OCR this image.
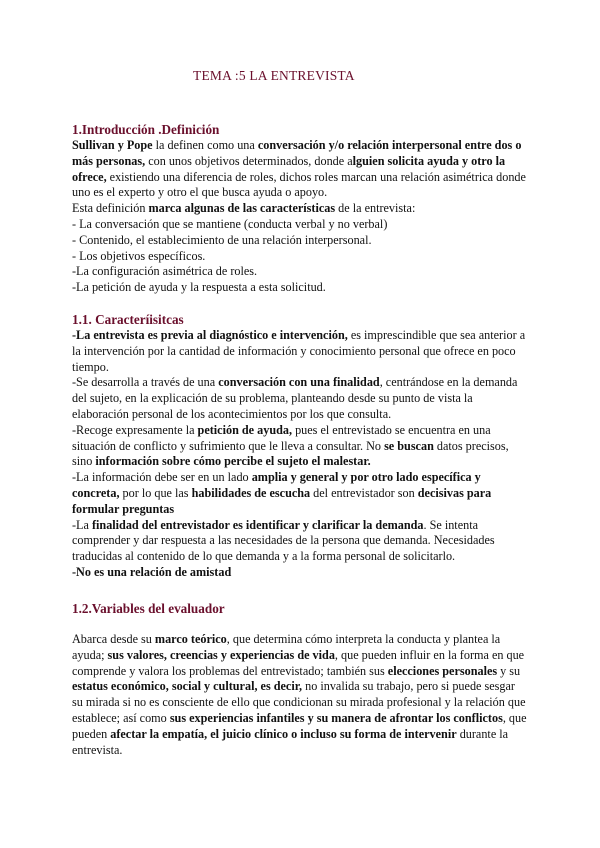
TEMA :5 LA ENTREVISTA
1.Introducción .Definición

Sullivan y Pope la definen como una conversación y/o relación interpersonal entre dos o más personas, con unos objetivos determinados, donde alguien solicita ayuda y otro la ofrece, existiendo una diferencia de roles, dichos roles marcan una relación asimétrica donde uno es el experto y otro el que busca ayuda o apoyo.

Esta definición marca algunas de las características de la entrevista:

- La conversación que se mantiene (conducta verbal y no verbal)

- Contenido, el establecimiento de una relación interpersonal.

- Los objetivos específicos.

-La configuración asimétrica de roles.

-La petición de ayuda y la respuesta a esta solicitud.

1.1. Caracteríisitcas

-La entrevista es previa al diagnóstico e intervención, es imprescindible que sea anterior a la intervención por la cantidad de información y conocimiento personal que ofrece en poco tiempo.

-Se desarrolla a través de una conversación con una finalidad, centrándose en la demanda del sujeto, en la explicación de su problema, planteando desde su punto de vista la elaboración personal de los acontecimientos por los que consulta.

-Recoge expresamente la petición de ayuda, pues el entrevistado se encuentra en una situación de conflicto y sufrimiento que le lleva a consultar. No se buscan datos precisos, sino información sobre cómo percibe el sujeto el malestar.

-La información debe ser en un lado amplia y general y por otro lado específica y concreta, por lo que las habilidades de escucha del entrevistador son decisivas para formular preguntas

-La finalidad del entrevistador es identificar y clarificar la demanda. Se intenta comprender y dar respuesta a las necesidades de la persona que demanda. Necesidades traducidas al contenido de lo que demanda y a la forma personal de solicitarlo.

-No es una relación de amistad

1.2.Variables del evaluador

Abarca desde su marco teórico, que determina cómo interpreta la conducta y plantea la ayuda; sus valores, creencias y experiencias de vida, que pueden influir en la forma en que comprende y valora los problemas del entrevistado; también sus elecciones personales y su estatus económico, social y cultural, es decir, no invalida su trabajo, pero si puede sesgar su mirada si no es consciente de ello que condicionan su mirada profesional y la relación que establece; así como sus experiencias infantiles y su manera de afrontar los conflictos, que pueden afectar la empatía, el juicio clínico o incluso su forma de intervenir durante la entrevista.
